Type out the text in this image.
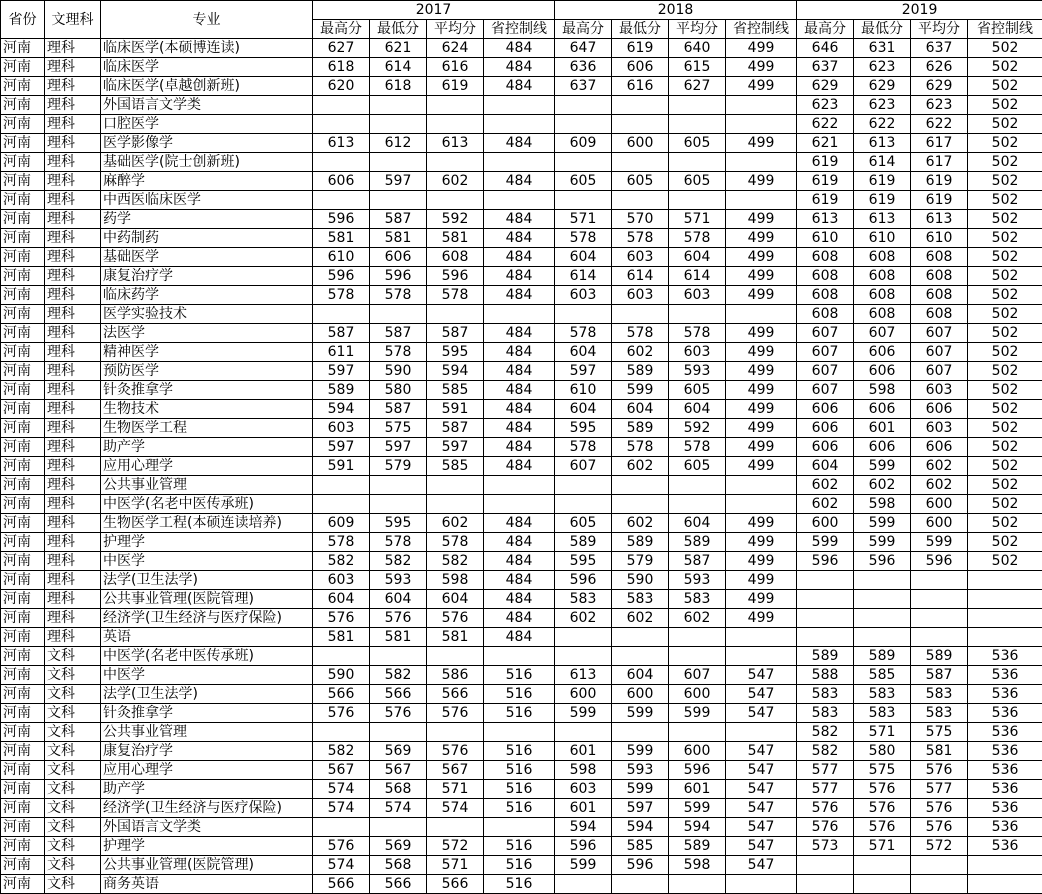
省份	文理科	专业	2017				2018				2019			
			最高分	最低分	平均分	省控制线	最高分	最低分	平均分	省控制线	最高分	最低分	平均分	省控制线
河南	理科	临床医学(本硕博连读)	627	621	624	484	647	619	640	499	646	631	637	502
河南	理科	临床医学	618	614	616	484	636	606	615	499	637	623	626	502
河南	理科	临床医学(卓越创新班)	620	618	619	484	637	616	627	499	629	629	629	502
河南	理科	外国语言文学类									623	623	623	502
河南	理科	口腔医学									622	622	622	502
河南	理科	医学影像学	613	612	613	484	609	600	605	499	621	613	617	502
河南	理科	基础医学(院士创新班)									619	614	617	502
河南	理科	麻醉学	606	597	602	484	605	605	605	499	619	619	619	502
河南	理科	中西医临床医学									619	619	619	502
河南	理科	药学	596	587	592	484	571	570	571	499	613	613	613	502
河南	理科	中药制药	581	581	581	484	578	578	578	499	610	610	610	502
河南	理科	基础医学	610	606	608	484	604	603	604	499	608	608	608	502
河南	理科	康复治疗学	596	596	596	484	614	614	614	499	608	608	608	502
河南	理科	临床药学	578	578	578	484	603	603	603	499	608	608	608	502
河南	理科	医学实验技术									608	608	608	502
河南	理科	法医学	587	587	587	484	578	578	578	499	607	607	607	502
河南	理科	精神医学	611	578	595	484	604	602	603	499	607	606	607	502
河南	理科	预防医学	597	590	594	484	597	589	593	499	607	606	607	502
河南	理科	针灸推拿学	589	580	585	484	610	599	605	499	607	598	603	502
河南	理科	生物技术	594	587	591	484	604	604	604	499	606	606	606	502
河南	理科	生物医学工程	603	575	587	484	595	589	592	499	606	601	603	502
河南	理科	助产学	597	597	597	484	578	578	578	499	606	606	606	502
河南	理科	应用心理学	591	579	585	484	607	602	605	499	604	599	602	502
河南	理科	公共事业管理									602	602	602	502
河南	理科	中医学(名老中医传承班)									602	598	600	502
河南	理科	生物医学工程(本硕连读培养)	609	595	602	484	605	602	604	499	600	599	600	502
河南	理科	护理学	578	578	578	484	589	589	589	499	599	599	599	502
河南	理科	中医学	582	582	582	484	595	579	587	499	596	596	596	502
河南	理科	法学(卫生法学)	603	593	598	484	596	590	593	499				
河南	理科	公共事业管理(医院管理)	604	604	604	484	583	583	583	499				
河南	理科	经济学(卫生经济与医疗保险)	576	576	576	484	602	602	602	499				
河南	理科	英语	581	581	581	484								
河南	文科	中医学(名老中医传承班)									589	589	589	536
河南	文科	中医学	590	582	586	516	613	604	607	547	588	585	587	536
河南	文科	法学(卫生法学)	566	566	566	516	600	600	600	547	583	583	583	536
河南	文科	针灸推拿学	576	576	576	516	599	599	599	547	583	583	583	536
河南	文科	公共事业管理									582	571	575	536
河南	文科	康复治疗学	582	569	576	516	601	599	600	547	582	580	581	536
河南	文科	应用心理学	567	567	567	516	598	593	596	547	577	575	576	536
河南	文科	助产学	574	568	571	516	603	599	601	547	577	576	577	536
河南	文科	经济学(卫生经济与医疗保险)	574	574	574	516	601	597	599	547	576	576	576	536
河南	文科	外国语言文学类					594	594	594	547	576	576	576	536
河南	文科	护理学	576	569	572	516	596	585	589	547	573	571	572	536
河南	文科	公共事业管理(医院管理)	574	568	571	516	599	596	598	547				
河南	文科	商务英语	566	566	566	516								
